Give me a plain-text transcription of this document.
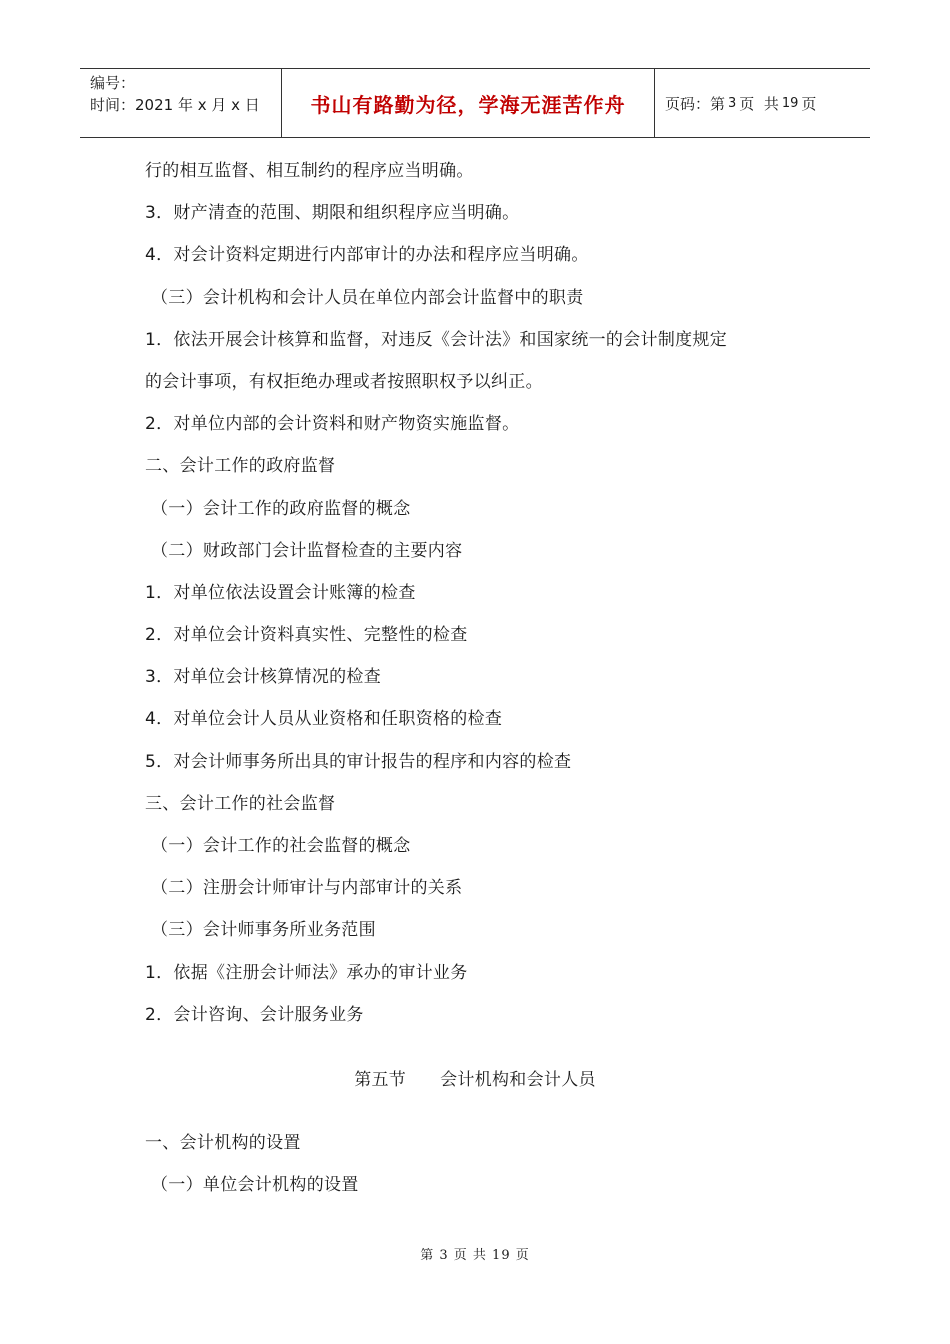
编号：
时间：2021 年 x 月 x 日	书山有路勤为径，学海无涯苦作舟	页码：第 3 页  共 19 页
行的相互监督、相互制约的程序应当明确。
3．财产清查的范围、期限和组织程序应当明确。
4．对会计资料定期进行内部审计的办法和程序应当明确。
（三）会计机构和会计人员在单位内部会计监督中的职责
1．依法开展会计核算和监督，对违反《会计法》和国家统一的会计制度规定
的会计事项，有权拒绝办理或者按照职权予以纠正。
2．对单位内部的会计资料和财产物资实施监督。
二、会计工作的政府监督
（一）会计工作的政府监督的概念
（二）财政部门会计监督检查的主要内容
1．对单位依法设置会计账簿的检查
2．对单位会计资料真实性、完整性的检查
3．对单位会计核算情况的检查
4．对单位会计人员从业资格和任职资格的检查
5．对会计师事务所出具的审计报告的程序和内容的检查
三、会计工作的社会监督
（一）会计工作的社会监督的概念
（二）注册会计师审计与内部审计的关系
（三）会计师事务所业务范围
1．依据《注册会计师法》承办的审计业务
2．会计咨询、会计服务业务
第五节 会计机构和会计人员
一、会计机构的设置
（一）单位会计机构的设置
第 3 页 共 19 页
